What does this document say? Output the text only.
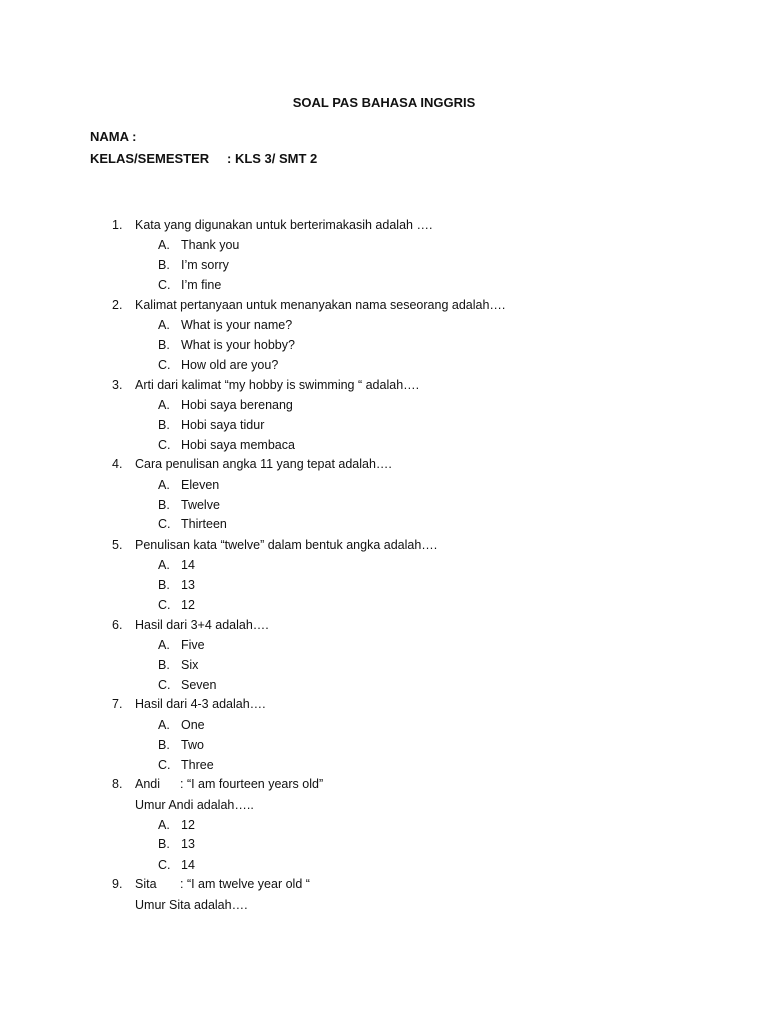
SOAL PAS BAHASA INGGRIS
NAMA :
KELAS/SEMESTER : KLS 3/ SMT 2
1. Kata yang digunakan untuk berterimakasih adalah ….
A. Thank you
B. I’m sorry
C. I’m fine
2. Kalimat pertanyaan untuk menanyakan nama seseorang adalah….
A. What is your name?
B. What is your hobby?
C. How old are you?
3. Arti dari kalimat “my hobby is swimming “ adalah….
A. Hobi saya berenang
B. Hobi saya tidur
C. Hobi saya membaca
4. Cara penulisan angka 11 yang tepat adalah….
A. Eleven
B. Twelve
C. Thirteen
5. Penulisan kata “twelve” dalam bentuk angka adalah….
A. 14
B. 13
C. 12
6. Hasil dari 3+4 adalah….
A. Five
B. Six
C. Seven
7. Hasil dari 4-3 adalah….
A. One
B. Two
C. Three
8. Andi : “I am fourteen years old”
Umur Andi adalah…..
A. 12
B. 13
C. 14
9. Sita : “I am twelve year old “
Umur Sita adalah….
